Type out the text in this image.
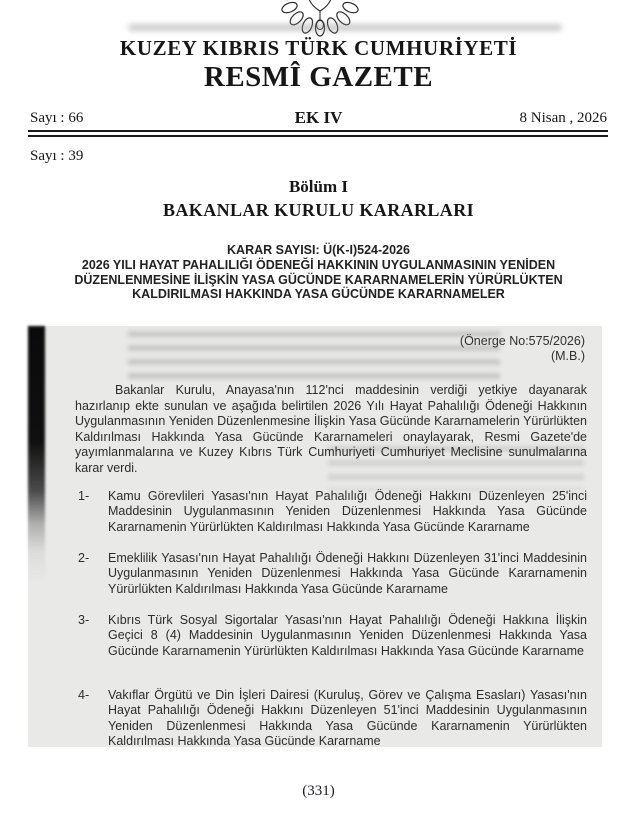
KUZEY KIBRIS TÜRK CUMHURİYETİ
RESMÎ GAZETE
Sayı : 66	EK IV	8 Nisan , 2026
Sayı : 39
Bölüm I
BAKANLAR KURULU KARARLARI
KARAR SAYISI: Ü(K-I)524-2026
2026 YILI HAYAT PAHALILIĞI ÖDENEĞİ HAKKININ UYGULANMASININ YENİDEN DÜZENLENMESİNE İLİŞKİN YASA GÜCÜNDE KARARNAMELERİN YÜRÜRLÜKTEN KALDIRILMASI HAKKINDA YASA GÜCÜNDE KARARNAMELER
(Önerge No:575/2026)
(M.B.)
Bakanlar Kurulu, Anayasa'nın 112'nci maddesinin verdiği yetkiye dayanarak hazırlanıp ekte sunulan ve aşağıda belirtilen 2026 Yılı Hayat Pahalılığı Ödeneği Hakkının Uygulanmasının Yeniden Düzenlenmesine İlişkin Yasa Gücünde Kararnamelerin Yürürlükten Kaldırılması Hakkında Yasa Gücünde Kararnameleri onaylayarak, Resmi Gazete'de yayımlanmalarına ve Kuzey Kıbrıs Türk Cumhuriyeti Cumhuriyet Meclisine sunulmalarına karar verdi.
1- Kamu Görevlileri Yasası'nın Hayat Pahalılığı Ödeneği Hakkını Düzenleyen 25'inci Maddesinin Uygulanmasının Yeniden Düzenlenmesi Hakkında Yasa Gücünde Kararnamenin Yürürlükten Kaldırılması Hakkında Yasa Gücünde Kararname
2- Emeklilik Yasası'nın Hayat Pahalılığı Ödeneği Hakkını Düzenleyen 31'inci Maddesinin Uygulanmasının Yeniden Düzenlenmesi Hakkında Yasa Gücünde Kararnamenin Yürürlükten Kaldırılması Hakkında Yasa Gücünde Kararname
3- Kıbrıs Türk Sosyal Sigortalar Yasası'nın Hayat Pahalılığı Ödeneği Hakkına İlişkin Geçici 8 (4) Maddesinin Uygulanmasının Yeniden Düzenlenmesi Hakkında Yasa Gücünde Kararnamenin Yürürlükten Kaldırılması Hakkında Yasa Gücünde Kararname
4- Vakıflar Örgütü ve Din İşleri Dairesi (Kuruluş, Görev ve Çalışma Esasları) Yasası'nın Hayat Pahalılığı Ödeneği Hakkını Düzenleyen 51'inci Maddesinin Uygulanmasının Yeniden Düzenlenmesi Hakkında Yasa Gücünde Kararnamenin Yürürlükten Kaldırılması Hakkında Yasa Gücünde Kararname
(331)
